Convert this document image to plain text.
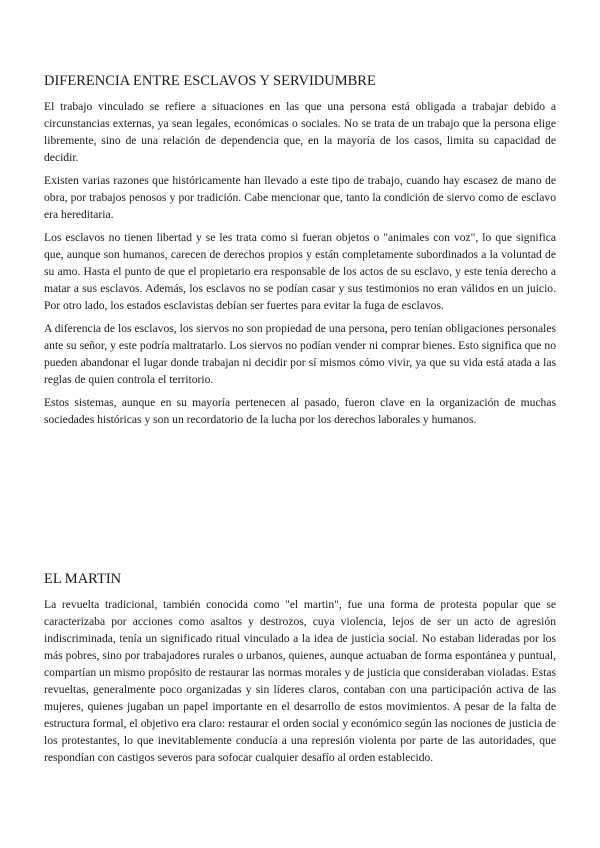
DIFERENCIA ENTRE ESCLAVOS Y SERVIDUMBRE

El trabajo vinculado se refiere a situaciones en las que una persona está obligada a trabajar debido a circunstancias externas, ya sean legales, económicas o sociales. No se trata de un trabajo que la persona elige libremente, sino de una relación de dependencia que, en la mayoría de los casos, limita su capacidad de decidir.

Existen varias razones que históricamente han llevado a este tipo de trabajo, cuando hay escasez de mano de obra, por trabajos penosos y por tradición. Cabe mencionar que, tanto la condición de siervo como de esclavo era hereditaria.

Los esclavos no tienen libertad y se les trata como si fueran objetos o "animales con voz", lo que significa que, aunque son humanos, carecen de derechos propios y están completamente subordinados a la voluntad de su amo. Hasta el punto de que el propietario era responsable de los actos de su esclavo, y este tenía derecho a matar a sus esclavos. Además, los esclavos no se podían casar y sus testimonios no eran válidos en un juicio. Por otro lado, los estados esclavistas debían ser fuertes para evitar la fuga de esclavos.

A diferencia de los esclavos, los siervos no son propiedad de una persona, pero tenían obligaciones personales ante su señor, y este podría maltratarlo. Los siervos no podían vender ni comprar bienes. Esto significa que no pueden abandonar el lugar donde trabajan ni decidir por sí mismos cómo vivir, ya que su vida está atada a las reglas de quien controla el territorio.

Estos sistemas, aunque en su mayoría pertenecen al pasado, fueron clave en la organización de muchas sociedades históricas y son un recordatorio de la lucha por los derechos laborales y humanos.

EL MARTIN

La revuelta tradicional, también conocida como "el martin", fue una forma de protesta popular que se caracterizaba por acciones como asaltos y destrozos, cuya violencia, lejos de ser un acto de agresión indiscriminada, tenía un significado ritual vinculado a la idea de justicia social. No estaban lideradas por los más pobres, sino por trabajadores rurales o urbanos, quienes, aunque actuaban de forma espontánea y puntual, compartían un mismo propósito de restaurar las normas morales y de justicia que consideraban violadas. Estas revueltas, generalmente poco organizadas y sin líderes claros, contaban con una participación activa de las mujeres, quienes jugaban un papel importante en el desarrollo de estos movimientos. A pesar de la falta de estructura formal, el objetivo era claro: restaurar el orden social y económico según las nociones de justicia de los protestantes, lo que inevitablemente conducía a una represión violenta por parte de las autoridades, que respondían con castigos severos para sofocar cualquier desafío al orden establecido.
